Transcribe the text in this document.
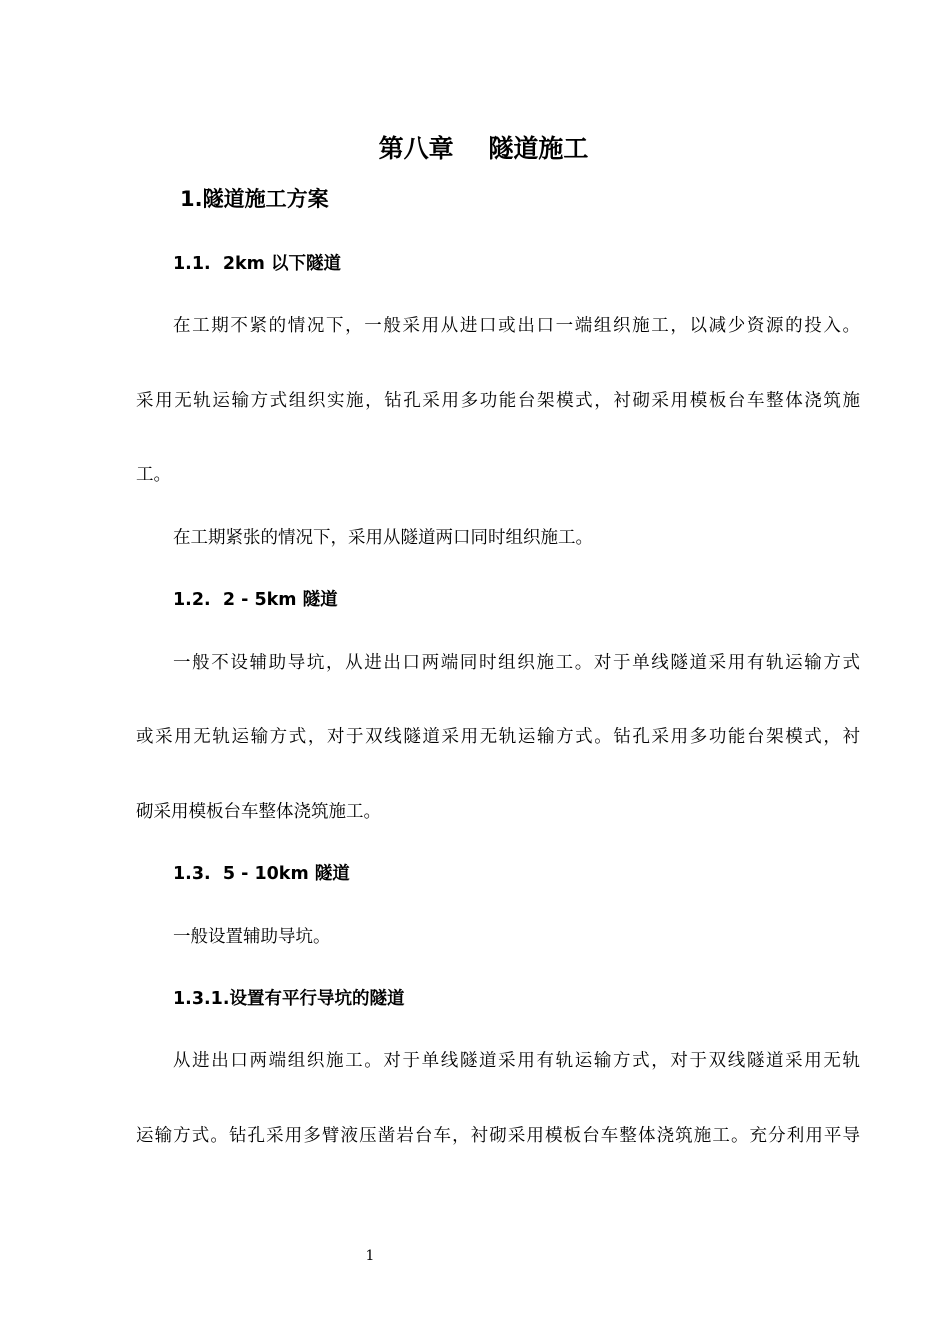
第八章    隧道施工
1.隧道施工方案
1.1.  2km 以下隧道
在工期不紧的情况下，一般采用从进口或出口一端组织施工，以减少资源的投入。
采用无轨运输方式组织实施，钻孔采用多功能台架模式，衬砌采用模板台车整体浇筑施
工。
在工期紧张的情况下，采用从隧道两口同时组织施工。
1.2.  2 - 5km 隧道
一般不设辅助导坑，从进出口两端同时组织施工。对于单线隧道采用有轨运输方式
或采用无轨运输方式，对于双线隧道采用无轨运输方式。钻孔采用多功能台架模式，衬
砌采用模板台车整体浇筑施工。
1.3.  5 - 10km 隧道
一般设置辅助导坑。
1.3.1.设置有平行导坑的隧道
从进出口两端组织施工。对于单线隧道采用有轨运输方式，对于双线隧道采用无轨
运输方式。钻孔采用多臂液压凿岩台车，衬砌采用模板台车整体浇筑施工。充分利用平导
1
